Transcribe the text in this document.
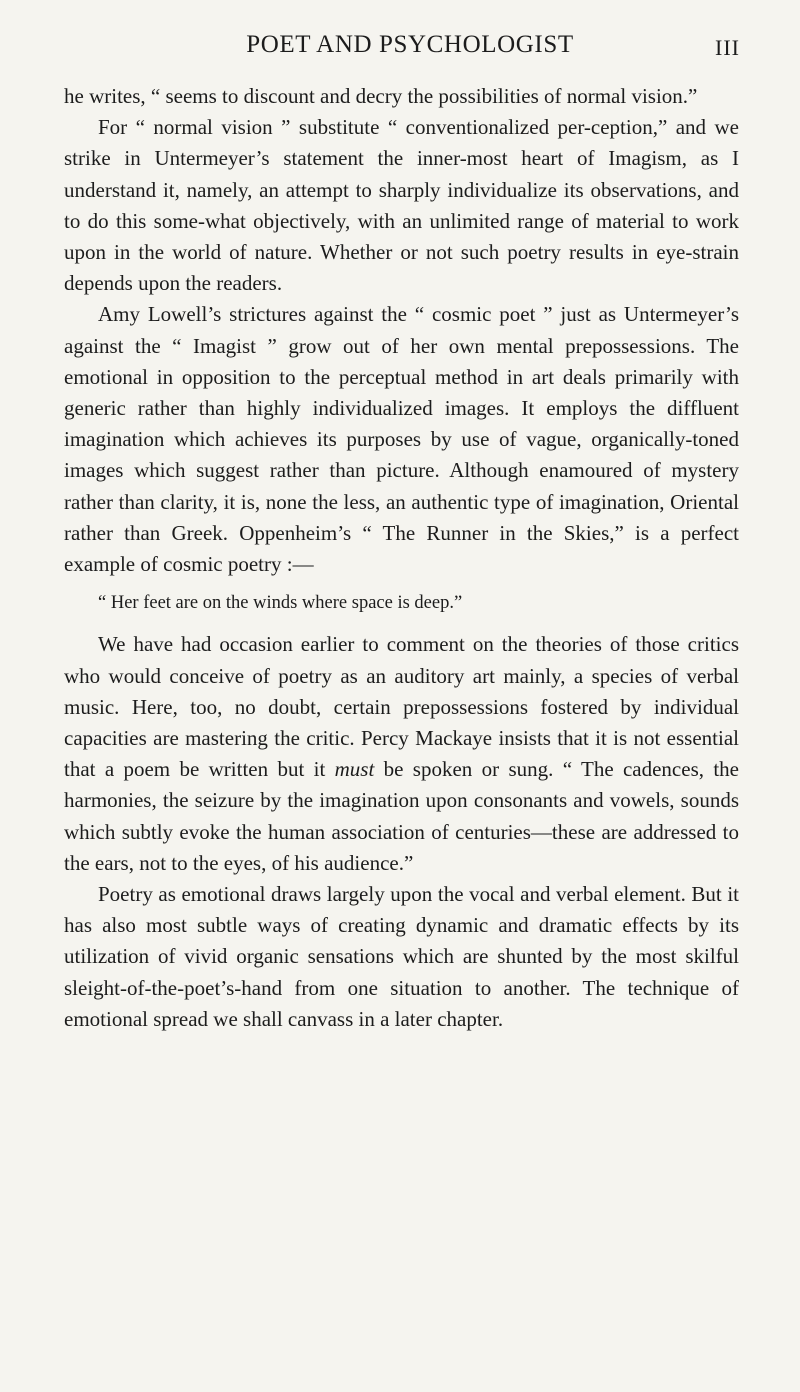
POET AND PSYCHOLOGIST	III

he writes, “ seems to discount and decry the possibilities of normal vision.”

For “ normal vision ” substitute “ conventionalized per-ception,” and we strike in Untermeyer’s statement the inner-most heart of Imagism, as I understand it, namely, an attempt to sharply individualize its observations, and to do this some-what objectively, with an unlimited range of material to work upon in the world of nature. Whether or not such poetry results in eye-strain depends upon the readers.

Amy Lowell’s strictures against the “ cosmic poet ” just as Untermeyer’s against the “ Imagist ” grow out of her own mental prepossessions. The emotional in opposition to the perceptual method in art deals primarily with generic rather than highly individualized images. It employs the diffluent imagination which achieves its purposes by use of vague, organically-toned images which suggest rather than picture. Although enamoured of mystery rather than clarity, it is, none the less, an authentic type of imagination, Oriental rather than Greek. Oppenheim’s “ The Runner in the Skies,” is a perfect example of cosmic poetry :—

“ Her feet are on the winds where space is deep.”

We have had occasion earlier to comment on the theories of those critics who would conceive of poetry as an auditory art mainly, a species of verbal music. Here, too, no doubt, certain prepossessions fostered by individual capacities are mastering the critic. Percy Mackaye insists that it is not essential that a poem be written but it must be spoken or sung. “ The cadences, the harmonies, the seizure by the imagination upon consonants and vowels, sounds which subtly evoke the human association of centuries—these are addressed to the ears, not to the eyes, of his audience.”

Poetry as emotional draws largely upon the vocal and verbal element. But it has also most subtle ways of creating dynamic and dramatic effects by its utilization of vivid organic sensations which are shunted by the most skilful sleight-of-the-poet’s-hand from one situation to another. The technique of emotional spread we shall canvass in a later chapter.
